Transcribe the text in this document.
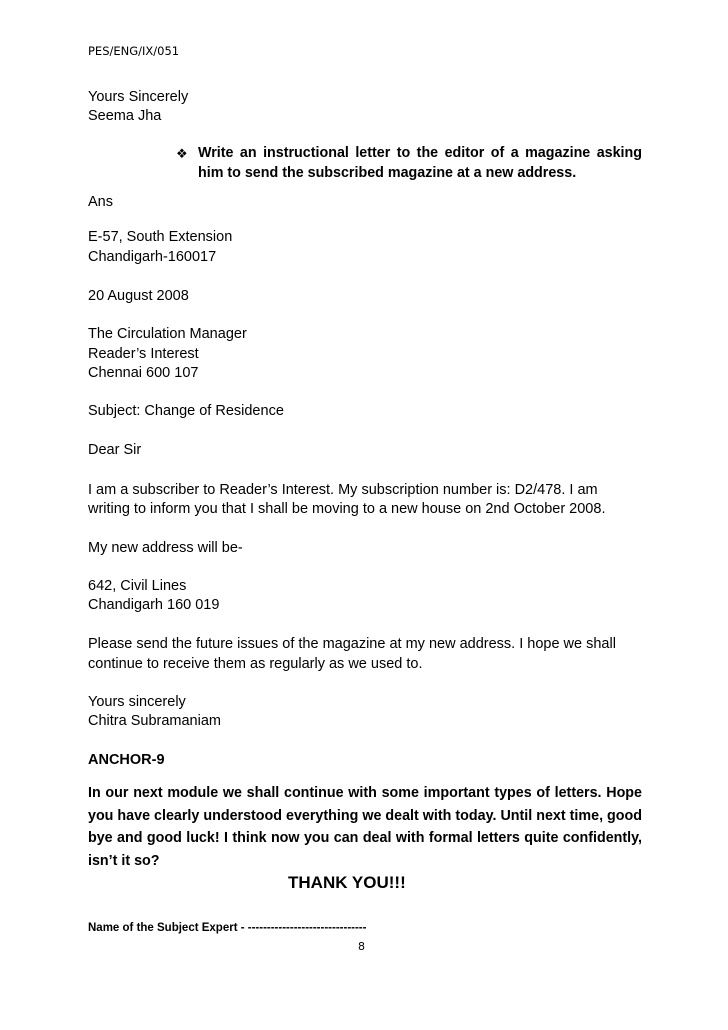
PES/ENG/IX/051
Yours Sincerely
Seema Jha
❖ Write an instructional letter to the editor of a magazine asking him to send the subscribed magazine at a new address.
Ans
E-57, South Extension
Chandigarh-160017
20 August 2008
The Circulation Manager
Reader’s Interest
Chennai 600 107
Subject: Change of Residence
Dear Sir
I am a subscriber to Reader’s Interest. My subscription number is: D2/478. I am
writing to inform you that I shall be moving to a new house on 2nd October 2008.
My new address will be-
642, Civil Lines
Chandigarh 160 019
Please send the future issues of the magazine at my new address. I hope we shall
continue to receive them as regularly as we used to.
Yours sincerely
Chitra Subramaniam
ANCHOR-9
In our next module we shall continue with some important types of letters. Hope you have clearly understood everything we dealt with today. Until next time, good bye and good luck! I think now you can deal with formal letters quite confidently, isn’t it so?
THANK YOU!!!
Name of the Subject Expert - -------------------------------
8
